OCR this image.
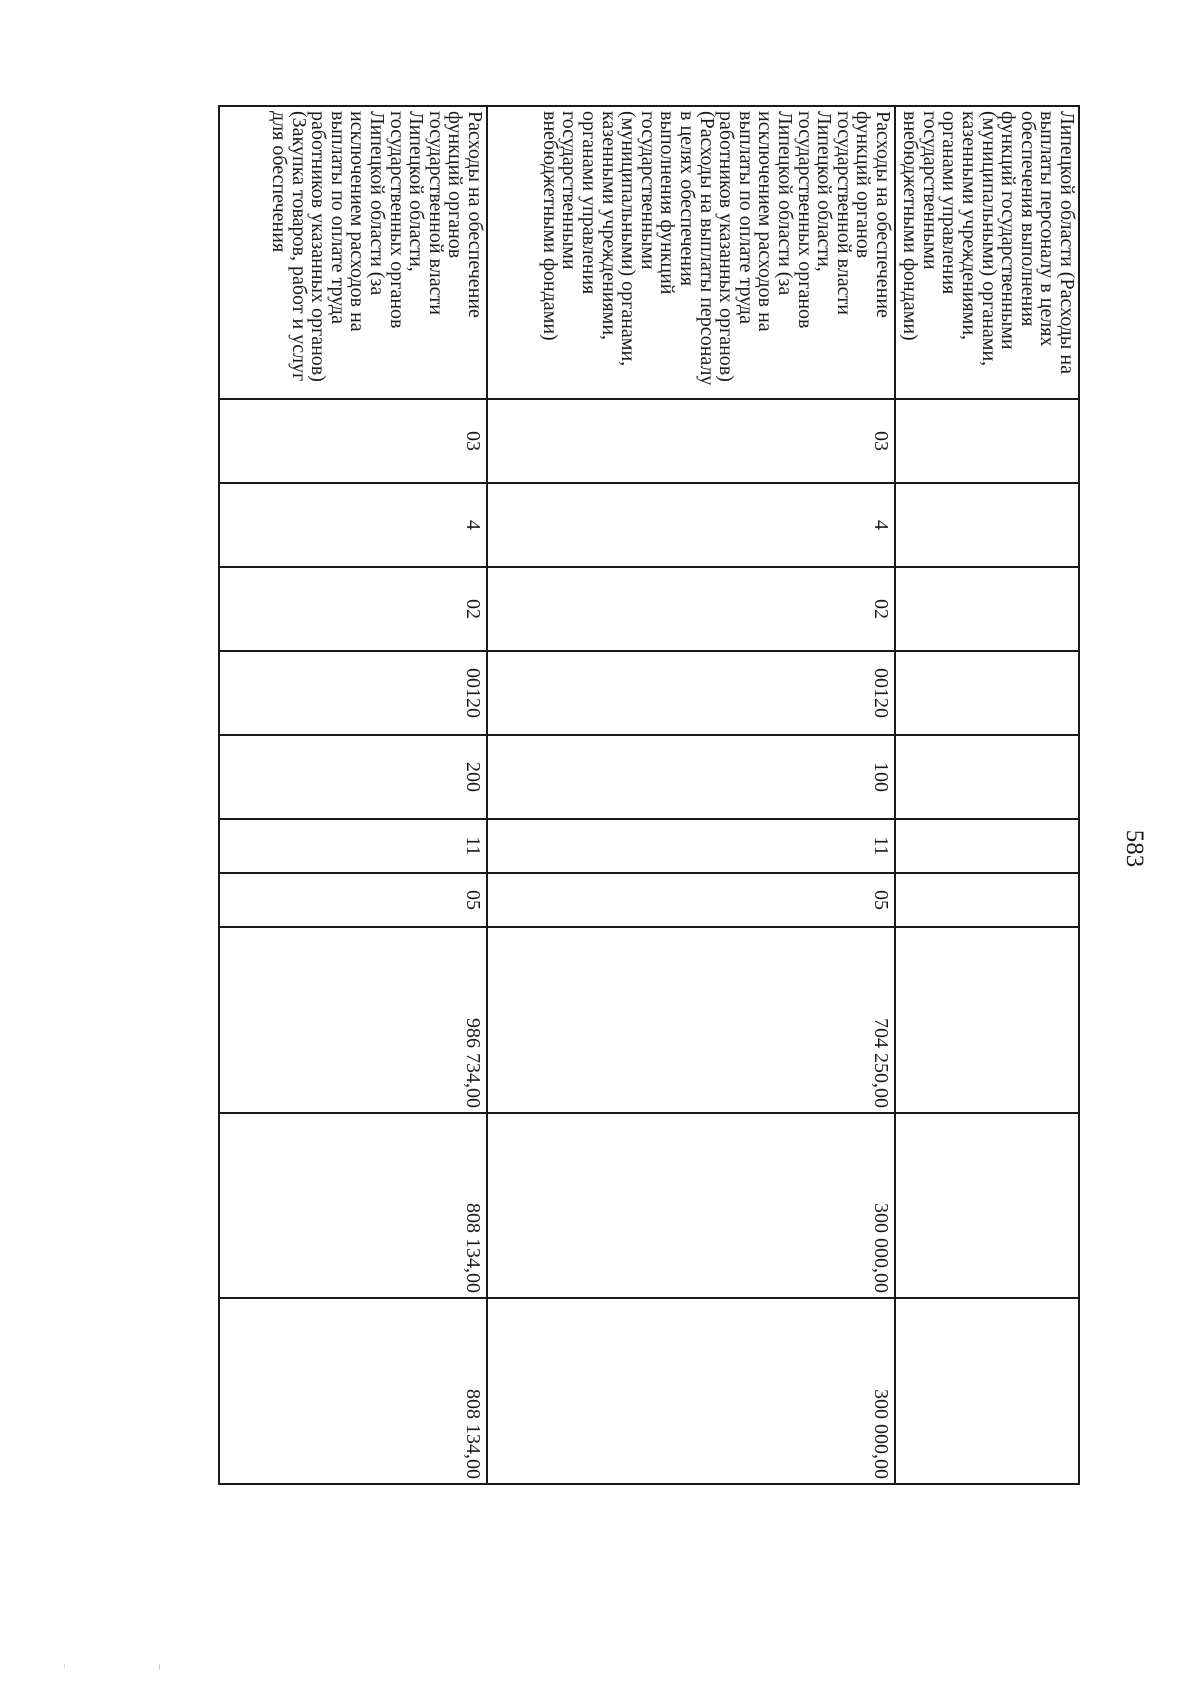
583
Липецкой области (Расходы на выплаты персоналу в целях обеспечения выполнения функций государственными (муниципальными) органами, казенными учреждениями, органами управления государственными внебюджетными фондами)										
Расходы на обеспечение функций органов государственной власти Липецкой области, государственных органов Липецкой области (за исключением расходов на выплаты по оплате труда работников указанных органов) (Расходы на выплаты персоналу в целях обеспечения выполнения функций государственными (муниципальными) органами, казенными учреждениями, органами управления государственными внебюджетными фондами)	03	4	02	00120	100	11	05	704 250,00	300 000,00	300 000,00
Расходы на обеспечение функций органов государственной власти Липецкой области, государственных органов Липецкой области (за исключением расходов на выплаты по оплате труда работников указанных органов) (Закупка товаров, работ и услуг для обеспечения	03	4	02	00120	200	11	05	986 734,00	808 134,00	808 134,00
